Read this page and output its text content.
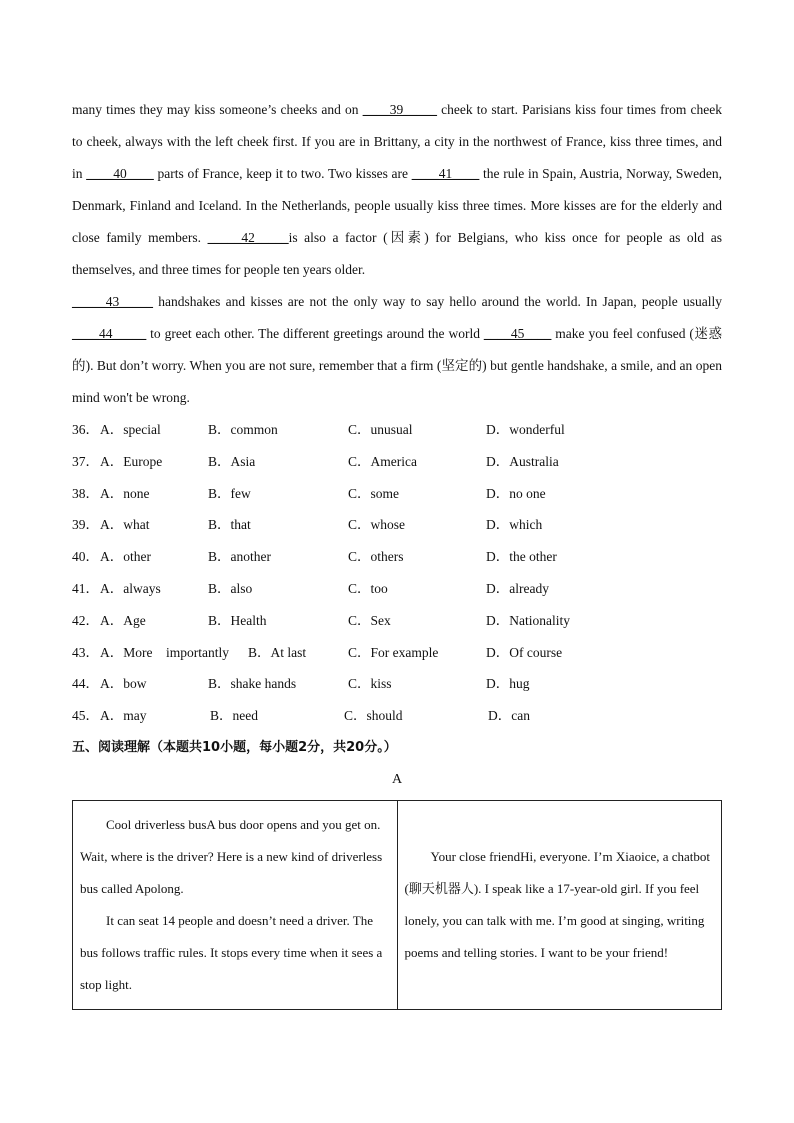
many times they may kiss someone’s cheeks and on ____39_____ cheek to start. Parisians kiss four times from cheek to cheek, always with the left cheek first. If you are in Brittany, a city in the northwest of France, kiss three times, and in ____40____ parts of France, keep it to two. Two kisses are ____41____ the rule in Spain, Austria, Norway, Sweden, Denmark, Finland and Iceland. In the Netherlands, people usually kiss three times. More kisses are for the elderly and close family members. _____42_____is also a factor (因素) for Belgians, who kiss once for people as old as themselves, and three times for people ten years older.

_____43_____ handshakes and kisses are not the only way to say hello around the world. In Japan, people usually ____44_____ to greet each other. The different greetings around the world ____45____ make you feel confused (迷惑的). But don’t worry. When you are not sure, remember that a firm (坚定的) but gentle handshake, a smile, and an open mind won't be wrong.

36． A．special	B．common	C．unusual	D．wonderful
37． A．Europe	B．Asia	C．America	D．Australia
38． A．none	B．few	C．some	D．no one
39． A．what	B．that	C．whose	D．which
40． A．other	B．another	C．others	D．the other
41． A．always	B．also	C．too	D．already
42． A．Age	B．Health	C．Sex	D．Nationality
43． A．More    importantly B．At last	C．For example	D．Of course
44． A．bow	B．shake hands	C．kiss	D．hug
45． A．may	B．need	C．should	D．can

五、阅读理解（本题共10小题，每小题2分，共20分。）

A

Cool driverless busA bus door opens and you get on. Wait, where is the driver? Here is a new kind of driverless bus called Apolong.

It can seat 14 people and doesn’t need a driver. The bus follows traffic rules. It stops every time when it sees a stop light.

Your close friendHi, everyone. I’m Xiaoice, a chatbot (聊天机器人). I speak like a 17-year-old girl. If you feel lonely, you can talk with me. I’m good at singing, writing poems and telling stories. I want to be your friend!
